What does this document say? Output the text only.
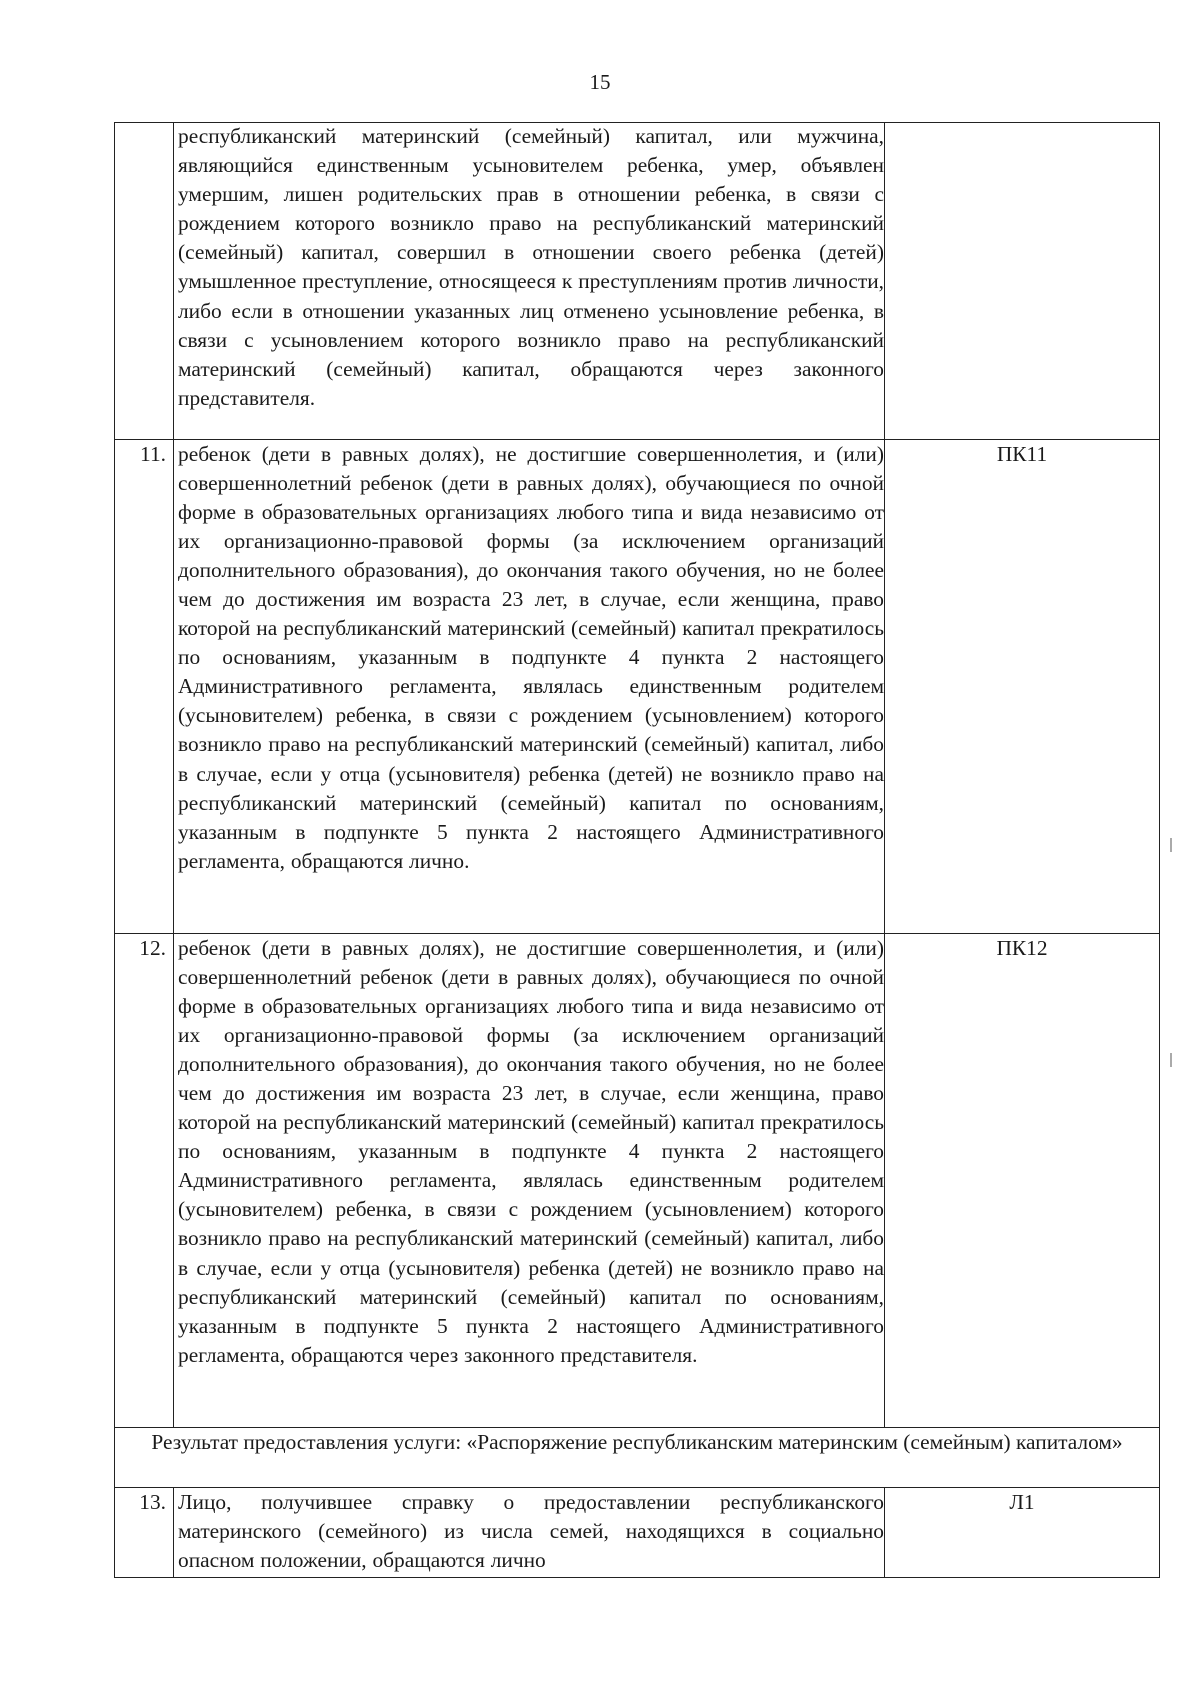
15
	республиканский материнский (семейный) капитал, или мужчина, являющийся единственным усыновителем ребенка, умер, объявлен умершим, лишен родительских прав в отношении ребенка, в связи с рождением которого возникло право на республиканский материнский (семейный) капитал, совершил в отношении своего ребенка (детей) умышленное преступление, относящееся к преступлениям против личности, либо если в отношении указанных лиц отменено усыновление ребенка, в связи с усыновлением которого возникло право на республиканский материнский (семейный) капитал, обращаются через законного представителя.	
11.	ребенок (дети в равных долях), не достигшие совершеннолетия, и (или) совершеннолетний ребенок (дети в равных долях), обучающиеся по очной форме в образовательных организациях любого типа и вида независимо от их организационно-правовой формы (за исключением организаций дополнительного образования), до окончания такого обучения, но не более чем до достижения им возраста 23 лет, в случае, если женщина, право которой на республиканский материнский (семейный) капитал прекратилось по основаниям, указанным в подпункте 4 пункта 2 настоящего Административного регламента, являлась единственным родителем (усыновителем) ребенка, в связи с рождением (усыновлением) которого возникло право на республиканский материнский (семейный) капитал, либо в случае, если у отца (усыновителя) ребенка (детей) не возникло право на республиканский материнский (семейный) капитал по основаниям, указанным в подпункте 5 пункта 2 настоящего Административного регламента, обращаются лично.	ПК11
12.	ребенок (дети в равных долях), не достигшие совершеннолетия, и (или) совершеннолетний ребенок (дети в равных долях), обучающиеся по очной форме в образовательных организациях любого типа и вида независимо от их организационно-правовой формы (за исключением организаций дополнительного образования), до окончания такого обучения, но не более чем до достижения им возраста 23 лет, в случае, если женщина, право которой на республиканский материнский (семейный) капитал прекратилось по основаниям, указанным в подпункте 4 пункта 2 настоящего Административного регламента, являлась единственным родителем (усыновителем) ребенка, в связи с рождением (усыновлением) которого возникло право на республиканский материнский (семейный) капитал, либо в случае, если у отца (усыновителя) ребенка (детей) не возникло право на республиканский материнский (семейный) капитал по основаниям, указанным в подпункте 5 пункта 2 настоящего Административного регламента, обращаются через законного представителя.	ПК12
Результат предоставления услуги: «Распоряжение республиканским материнским (семейным) капиталом»		
13.	Лицо, получившее справку о предоставлении республиканского материнского (семейного) из числа семей, находящихся в социально опасном положении, обращаются лично	Л1
